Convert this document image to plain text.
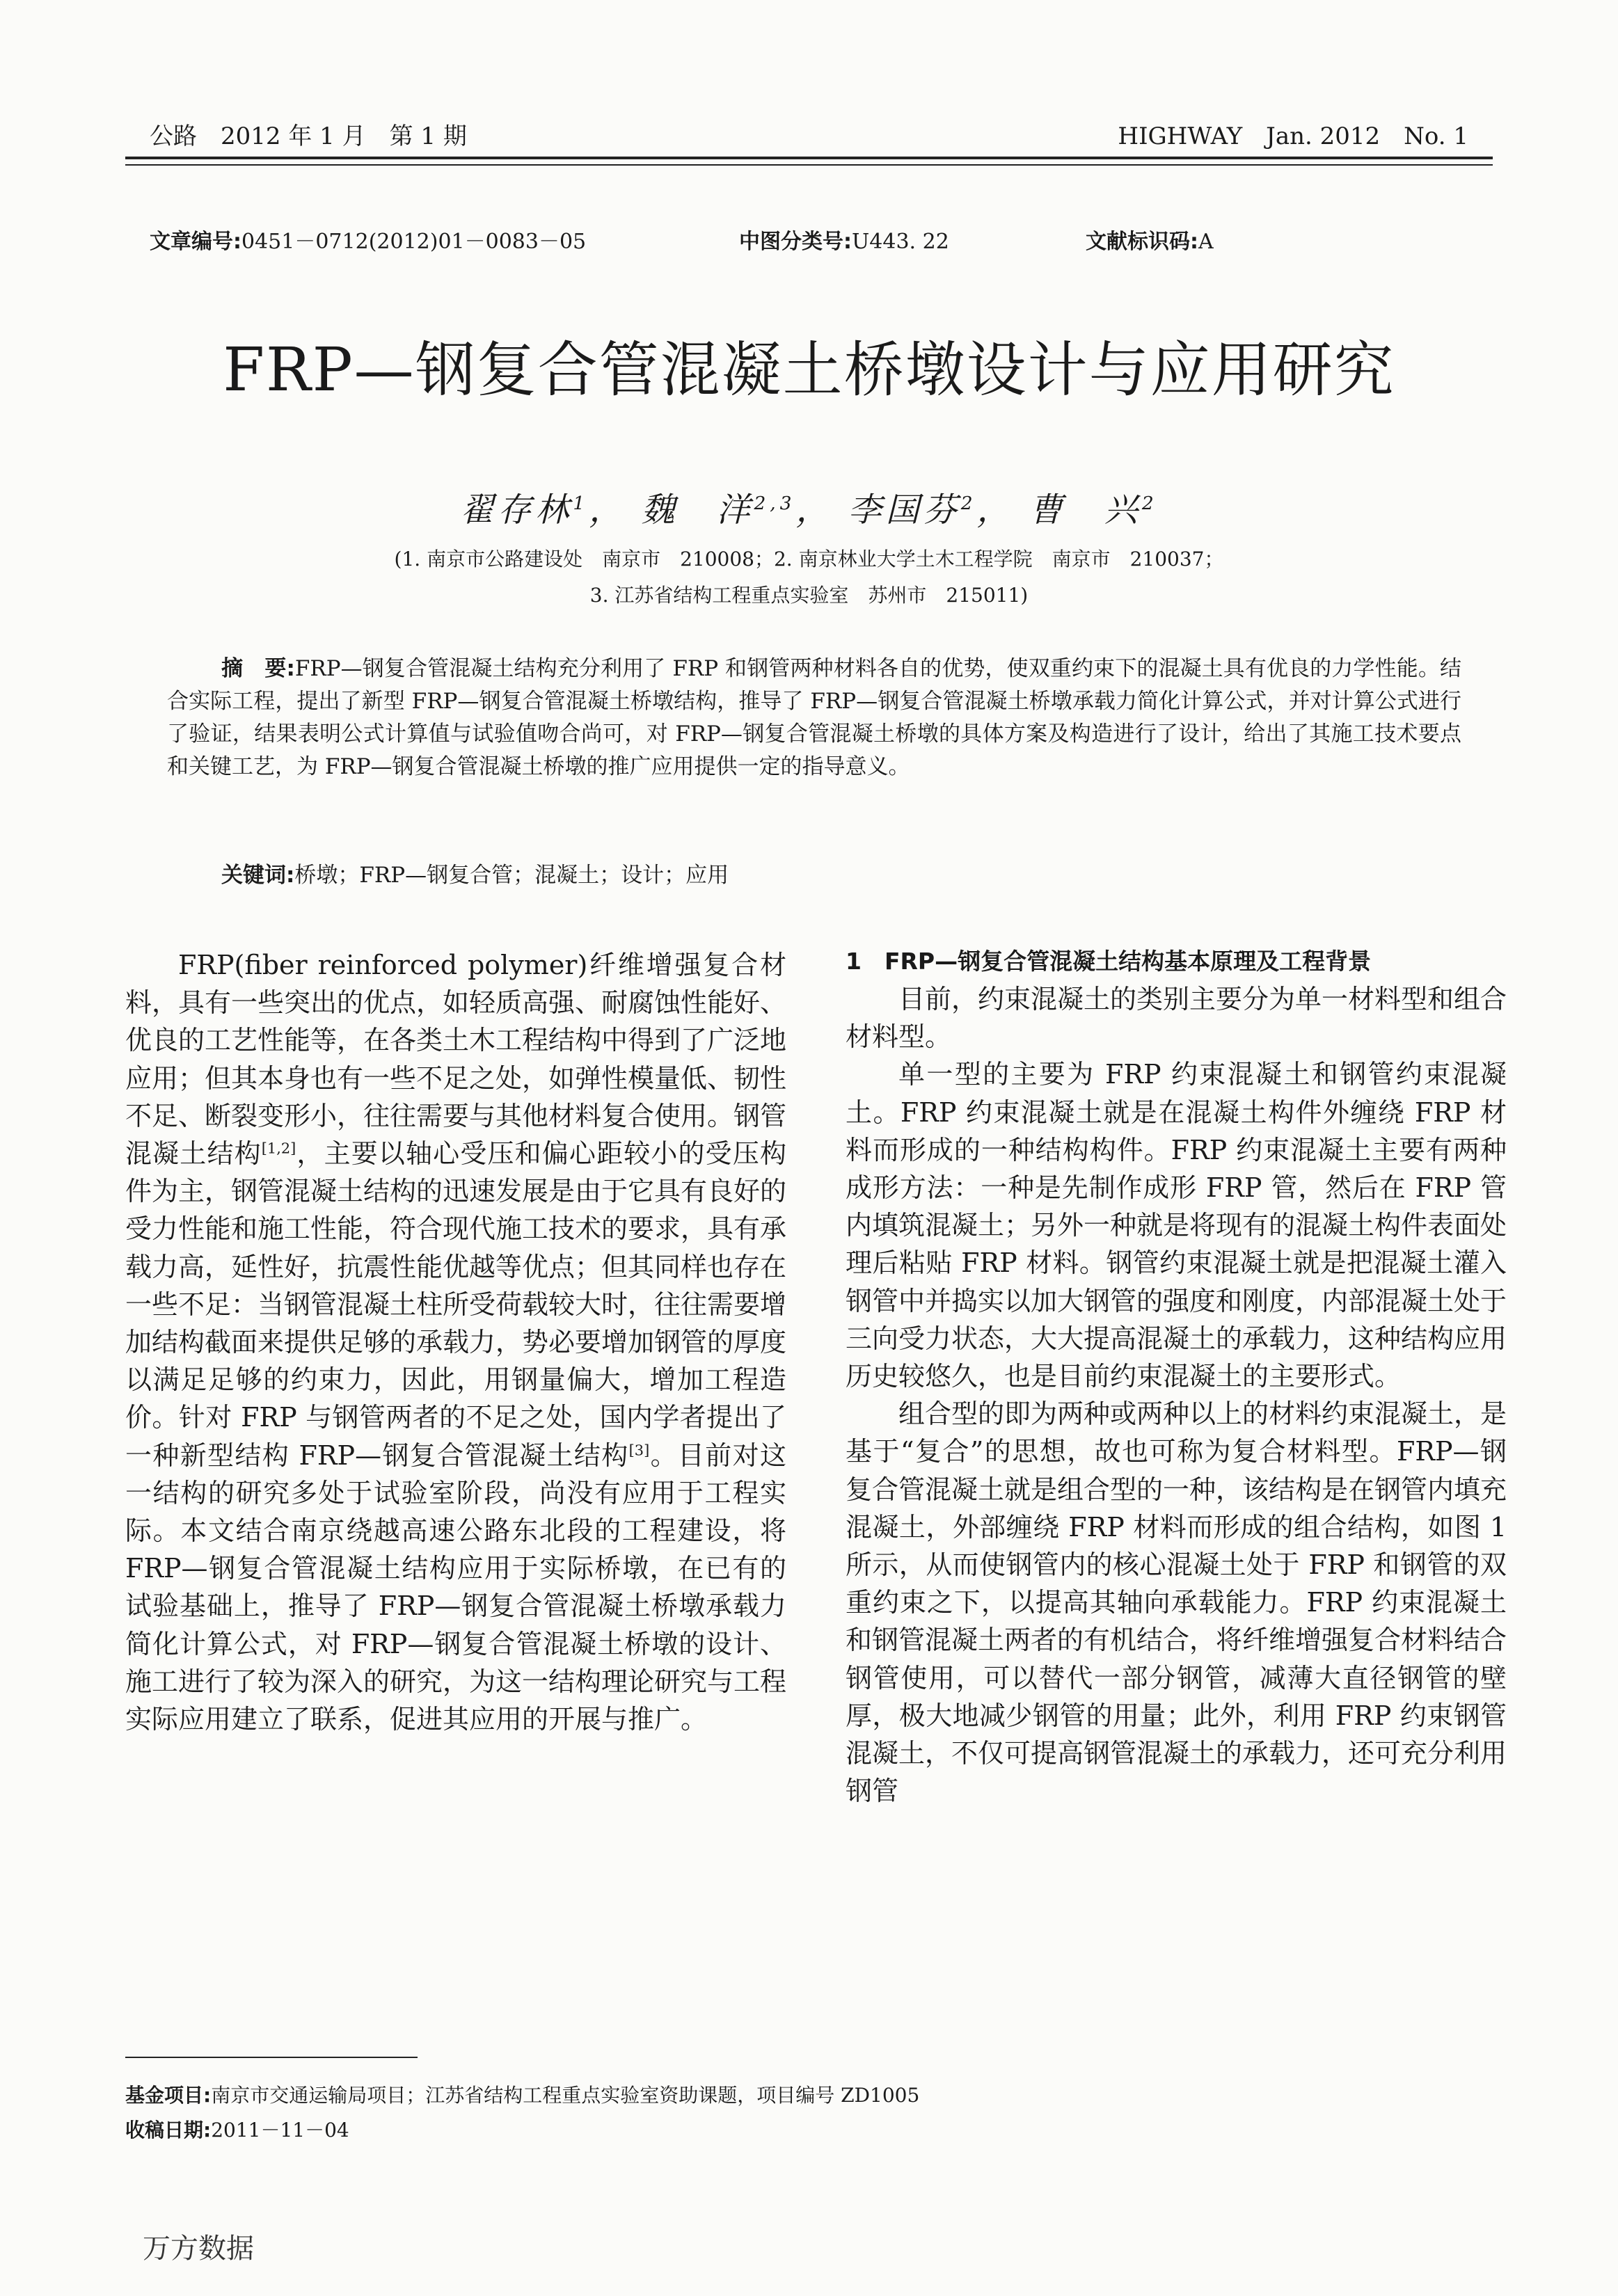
公路　2012 年 1 月　第 1 期	HIGHWAY　Jan. 2012　No. 1
文章编号:0451－0712(2012)01－0083－05	中图分类号:U443. 22	文献标识码:A
FRP—钢复合管混凝土桥墩设计与应用研究
翟存林$^1$， 魏　洋$^{2,3}$， 李国芬$^2$， 曹　兴$^2$
(1. 南京市公路建设处　南京市　210008；2. 南京林业大学土木工程学院　南京市　210037；
3. 江苏省结构工程重点实验室　苏州市　215011)
摘　要:FRP—钢复合管混凝土结构充分利用了 FRP 和钢管两种材料各自的优势，使双重约束下的混凝土具有优良的力学性能。结合实际工程，提出了新型 FRP—钢复合管混凝土桥墩结构，推导了 FRP—钢复合管混凝土桥墩承载力简化计算公式，并对计算公式进行了验证，结果表明公式计算值与试验值吻合尚可，对 FRP—钢复合管混凝土桥墩的具体方案及构造进行了设计，给出了其施工技术要点和关键工艺，为 FRP—钢复合管混凝土桥墩的推广应用提供一定的指导意义。
关键词:桥墩；FRP—钢复合管；混凝土；设计；应用

FRP(fiber reinforced polymer)纤维增强复合材料，具有一些突出的优点，如轻质高强、耐腐蚀性能好、优良的工艺性能等，在各类土木工程结构中得到了广泛地应用；但其本身也有一些不足之处，如弹性模量低、韧性不足、断裂变形小，往往需要与其他材料复合使用。钢管混凝土结构[1,2]，主要以轴心受压和偏心距较小的受压构件为主，钢管混凝土结构的迅速发展是由于它具有良好的受力性能和施工性能，符合现代施工技术的要求，具有承载力高，延性好，抗震性能优越等优点；但其同样也存在一些不足：当钢管混凝土柱所受荷载较大时，往往需要增加结构截面来提供足够的承载力，势必要增加钢管的厚度以满足足够的约束力，因此，用钢量偏大，增加工程造价。针对 FRP 与钢管两者的不足之处，国内学者提出了一种新型结构 FRP—钢复合管混凝土结构[3]。目前对这一结构的研究多处于试验室阶段，尚没有应用于工程实际。本文结合南京绕越高速公路东北段的工程建设，将 FRP—钢复合管混凝土结构应用于实际桥墩，在已有的试验基础上，推导了 FRP—钢复合管混凝土桥墩承载力简化计算公式，对 FRP—钢复合管混凝土桥墩的设计、施工进行了较为深入的研究，为这一结构理论研究与工程实际应用建立了联系，促进其应用的开展与推广。

1　FRP—钢复合管混凝土结构基本原理及工程背景

目前，约束混凝土的类别主要分为单一材料型和组合材料型。

单一型的主要为 FRP 约束混凝土和钢管约束混凝土。FRP 约束混凝土就是在混凝土构件外缠绕 FRP 材料而形成的一种结构构件。FRP 约束混凝土主要有两种成形方法：一种是先制作成形 FRP 管，然后在 FRP 管内填筑混凝土；另外一种就是将现有的混凝土构件表面处理后粘贴 FRP 材料。钢管约束混凝土就是把混凝土灌入钢管中并捣实以加大钢管的强度和刚度，内部混凝土处于三向受力状态，大大提高混凝土的承载力，这种结构应用历史较悠久，也是目前约束混凝土的主要形式。

组合型的即为两种或两种以上的材料约束混凝土，是基于“复合”的思想，故也可称为复合材料型。FRP—钢复合管混凝土就是组合型的一种，该结构是在钢管内填充混凝土，外部缠绕 FRP 材料而形成的组合结构，如图 1 所示，从而使钢管内的核心混凝土处于 FRP 和钢管的双重约束之下，以提高其轴向承载能力。FRP 约束混凝土和钢管混凝土两者的有机结合，将纤维增强复合材料结合钢管使用，可以替代一部分钢管，减薄大直径钢管的壁厚，极大地减少钢管的用量；此外，利用 FRP 约束钢管混凝土，不仅可提高钢管混凝土的承载力，还可充分利用钢管

基金项目:南京市交通运输局项目；江苏省结构工程重点实验室资助课题，项目编号 ZD1005
收稿日期:2011－11－04
万方数据
